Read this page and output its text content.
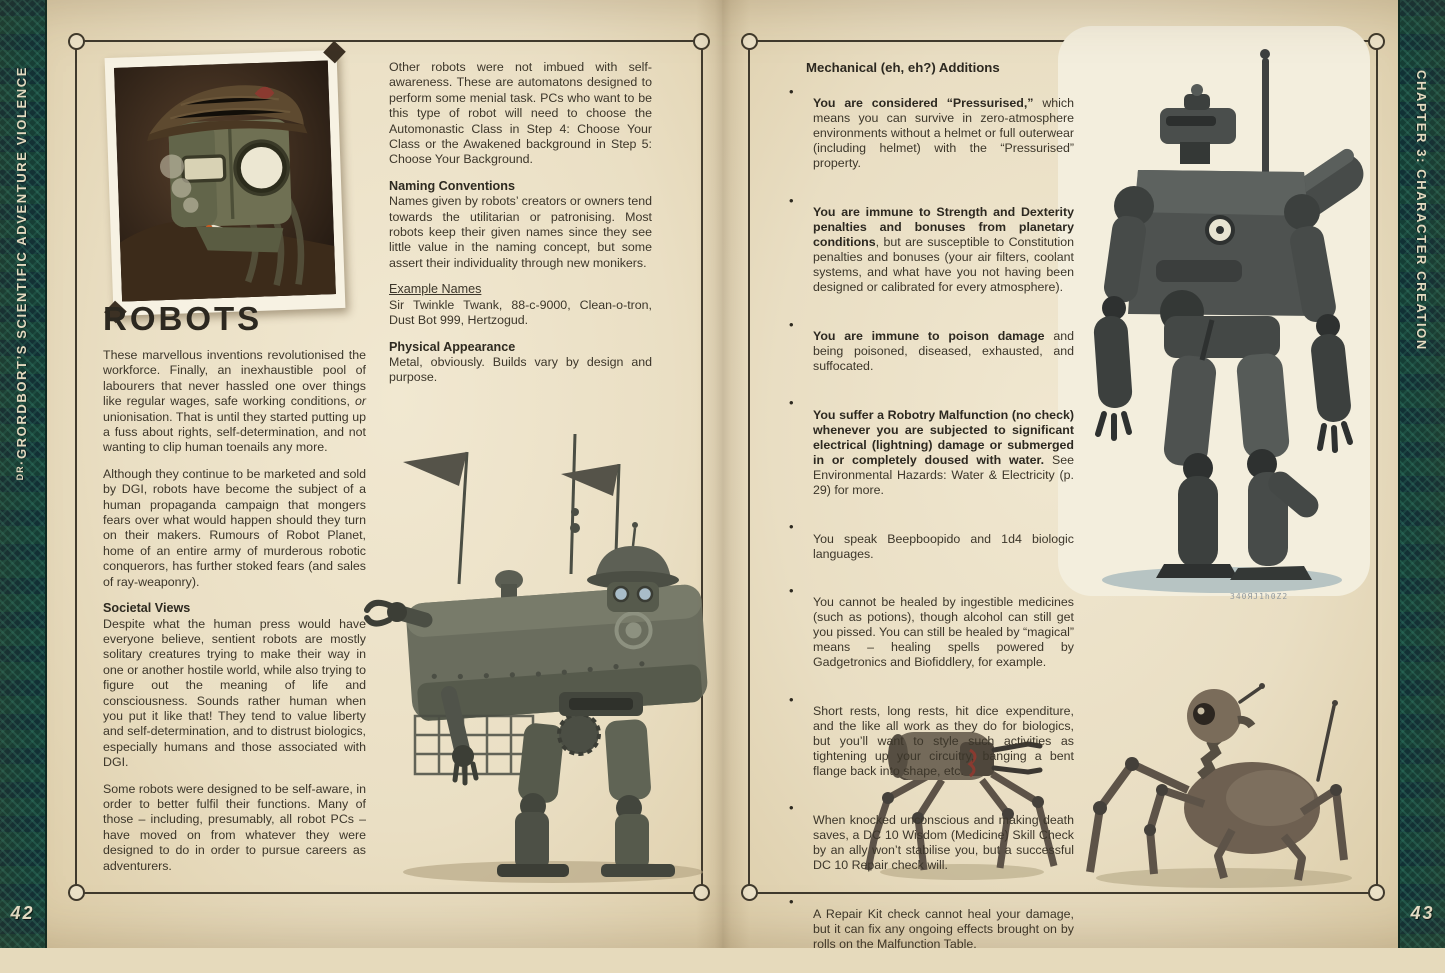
ᴰᴿ·GRORDBORT’S SCIENTIFIC ADVENTURE VIOLENCE
42
ROBOTS

These marvellous inventions revolutionised the workforce. Finally, an inexhaustible pool of labourers that never hassled one over things like regular wages, safe working conditions, or unionisation. That is until they started putting up a fuss about rights, self-determination, and not wanting to clip human toenails any more.

Although they continue to be marketed and sold by DGI, robots have become the subject of a human propaganda campaign that mongers fears over what would happen should they turn on their makers. Rumours of Robot Planet, home of an entire army of murderous robotic conquerors, has further stoked fears (and sales of ray-weaponry).

Societal Views

Despite what the human press would have everyone believe, sentient robots are mostly solitary creatures trying to make their way in one or another hostile world, while also trying to figure out the meaning of life and consciousness. Sounds rather human when you put it like that! They tend to value liberty and self-determination, and to distrust biologics, especially humans and those associated with DGI.

Some robots were designed to be self-aware, in order to better fulfil their functions. Many of those – including, presumably, all robot PCs – have moved on from whatever they were designed to do in order to pursue careers as adventurers.

Other robots were not imbued with self-awareness. These are automatons designed to perform some menial task. PCs who want to be this type of robot will need to choose the Automonastic Class in Step 4: Choose Your Class or the Awakened background in Step 5: Choose Your Background.

Naming Conventions

Names given by robots’ creators or owners tend towards the utilitarian or patronising. Most robots keep their given names since they see little value in the naming concept, but some assert their individuality through new monikers.

Example Names

Sir Twinkle Twank, 88-c-9000, Clean-o-tron, Dust Bot 999, Hertzogud.

Physical Appearance

Metal, obviously. Builds vary by design and purpose.

Mechanical (eh, eh?) Additions
•

You are considered “Pressurised,” which means you can survive in zero-atmosphere environments without a helmet or full outerwear (including helmet) with the “Pressurised” property.

•

You are immune to Strength and Dexterity penalties and bonuses from planetary conditions, but are susceptible to Constitution penalties and bonuses (your air filters, coolant systems, and what have you not having been designed or calibrated for every atmosphere).

•

You are immune to poison damage and being poisoned, diseased, exhausted, and suffocated.

•

You suffer a Robotry Malfunction (no check) whenever you are subjected to significant electrical (lightning) damage or submerged in or completely doused with water. See Environmental Hazards: Water & Electricity (p. 29) for more.

•

You speak Beepboopido and 1d4 biologic languages.

•

You cannot be healed by ingestible medicines (such as potions), though alcohol can still get you pissed. You can still be healed by “magical” means – healing spells powered by Gadgetronics and Biofiddlery, for example.

•

Short rests, long rests, hit dice expenditure, and the like all work as they do for biologics, but you’ll want to style such activities as tightening up your circuitry, banging a bent flange back into shape, etc.

•

When knocked unconscious and making death saves, a DC 10 Wisdom (Medicine) Skill Check by an ally won’t stabilise you, but a successful DC 10 Repair check will.

•

A Repair Kit check cannot heal your damage, but it can fix any ongoing effects brought on by rolls on the Malfunction Table.

340ЯJ1h0Z2
CHAPTER 3: CHARACTER CREATION
43
